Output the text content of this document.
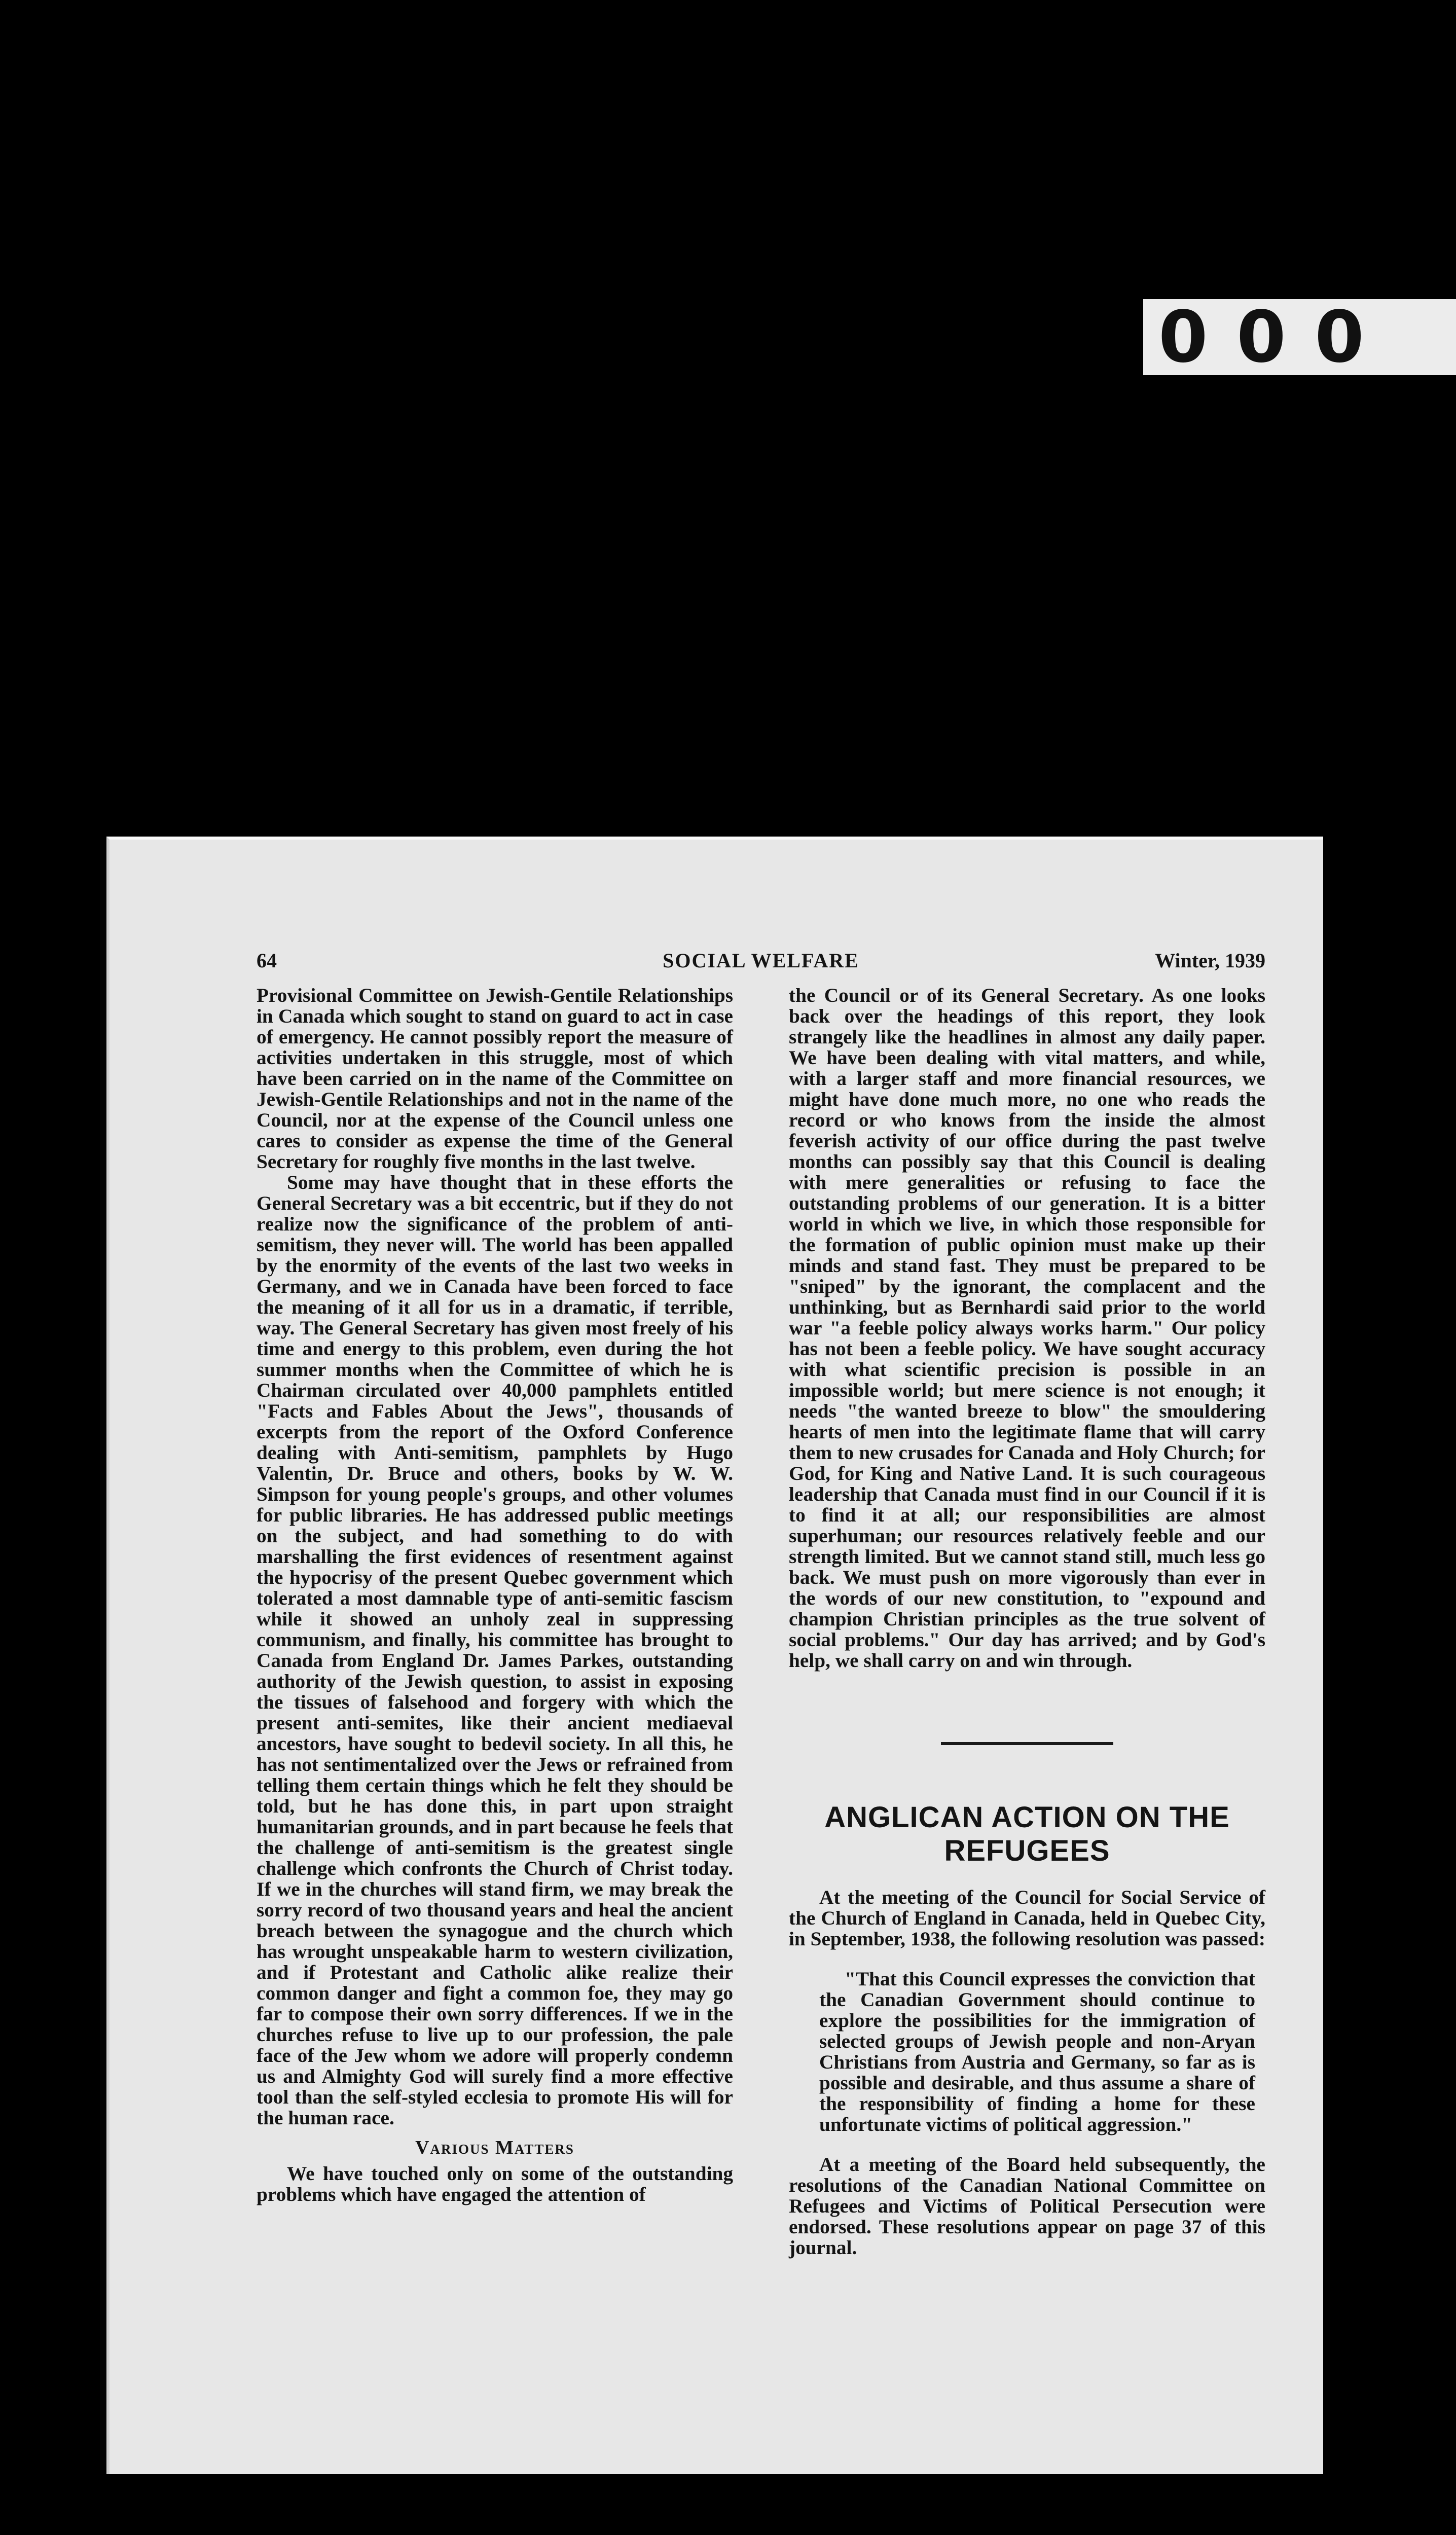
0 0 0
64	SOCIAL WELFARE	Winter, 1939

Provisional Committee on Jewish-Gentile Relationships in Canada which sought to stand on guard to act in case of emergency. He cannot possibly report the measure of activities undertaken in this struggle, most of which have been carried on in the name of the Committee on Jewish-Gentile Relationships and not in the name of the Council, nor at the expense of the Council unless one cares to consider as expense the time of the General Secretary for roughly five months in the last twelve.

Some may have thought that in these efforts the General Secretary was a bit eccentric, but if they do not realize now the significance of the problem of anti-semitism, they never will. The world has been appalled by the enormity of the events of the last two weeks in Germany, and we in Canada have been forced to face the meaning of it all for us in a dramatic, if terrible, way. The General Secretary has given most freely of his time and energy to this problem, even during the hot summer months when the Committee of which he is Chairman circulated over 40,000 pamphlets entitled "Facts and Fables About the Jews", thousands of excerpts from the report of the Oxford Conference dealing with Anti-semitism, pamphlets by Hugo Valentin, Dr. Bruce and others, books by W. W. Simpson for young people's groups, and other volumes for public libraries. He has addressed public meetings on the subject, and had something to do with marshalling the first evidences of resentment against the hypocrisy of the present Quebec government which tolerated a most damnable type of anti-semitic fascism while it showed an unholy zeal in suppressing communism, and finally, his committee has brought to Canada from England Dr. James Parkes, outstanding authority of the Jewish question, to assist in exposing the tissues of falsehood and forgery with which the present anti-semites, like their ancient mediaeval ancestors, have sought to bedevil society. In all this, he has not sentimentalized over the Jews or refrained from telling them certain things which he felt they should be told, but he has done this, in part upon straight humanitarian grounds, and in part because he feels that the challenge of anti-semitism is the greatest single challenge which confronts the Church of Christ today. If we in the churches will stand firm, we may break the sorry record of two thousand years and heal the ancient breach between the synagogue and the church which has wrought unspeakable harm to western civilization, and if Protestant and Catholic alike realize their common danger and fight a common foe, they may go far to compose their own sorry differences. If we in the churches refuse to live up to our profession, the pale face of the Jew whom we adore will properly condemn us and Almighty God will surely find a more effective tool than the self-styled ecclesia to promote His will for the human race.

Various Matters

We have touched only on some of the outstanding problems which have engaged the attention of

the Council or of its General Secretary. As one looks back over the headings of this report, they look strangely like the headlines in almost any daily paper. We have been dealing with vital matters, and while, with a larger staff and more financial resources, we might have done much more, no one who reads the record or who knows from the inside the almost feverish activity of our office during the past twelve months can possibly say that this Council is dealing with mere generalities or refusing to face the outstanding problems of our generation. It is a bitter world in which we live, in which those responsible for the formation of public opinion must make up their minds and stand fast. They must be prepared to be "sniped" by the ignorant, the complacent and the unthinking, but as Bernhardi said prior to the world war "a feeble policy always works harm." Our policy has not been a feeble policy. We have sought accuracy with what scientific precision is possible in an impossible world; but mere science is not enough; it needs "the wanted breeze to blow" the smouldering hearts of men into the legitimate flame that will carry them to new crusades for Canada and Holy Church; for God, for King and Native Land. It is such courageous leadership that Canada must find in our Council if it is to find it at all; our responsibilities are almost superhuman; our resources relatively feeble and our strength limited. But we cannot stand still, much less go back. We must push on more vigorously than ever in the words of our new constitution, to "expound and champion Christian principles as the true solvent of social problems." Our day has arrived; and by God's help, we shall carry on and win through.

ANGLICAN ACTION ON THE
REFUGEES

At the meeting of the Council for Social Service of the Church of England in Canada, held in Quebec City, in September, 1938, the following resolution was passed:

"That this Council expresses the conviction that the Canadian Government should continue to explore the possibilities for the immigration of selected groups of Jewish people and non-Aryan Christians from Austria and Germany, so far as is possible and desirable, and thus assume a share of the responsibility of finding a home for these unfortunate victims of political aggression."

At a meeting of the Board held subsequently, the resolutions of the Canadian National Committee on Refugees and Victims of Political Persecution were endorsed. These resolutions appear on page 37 of this journal.
